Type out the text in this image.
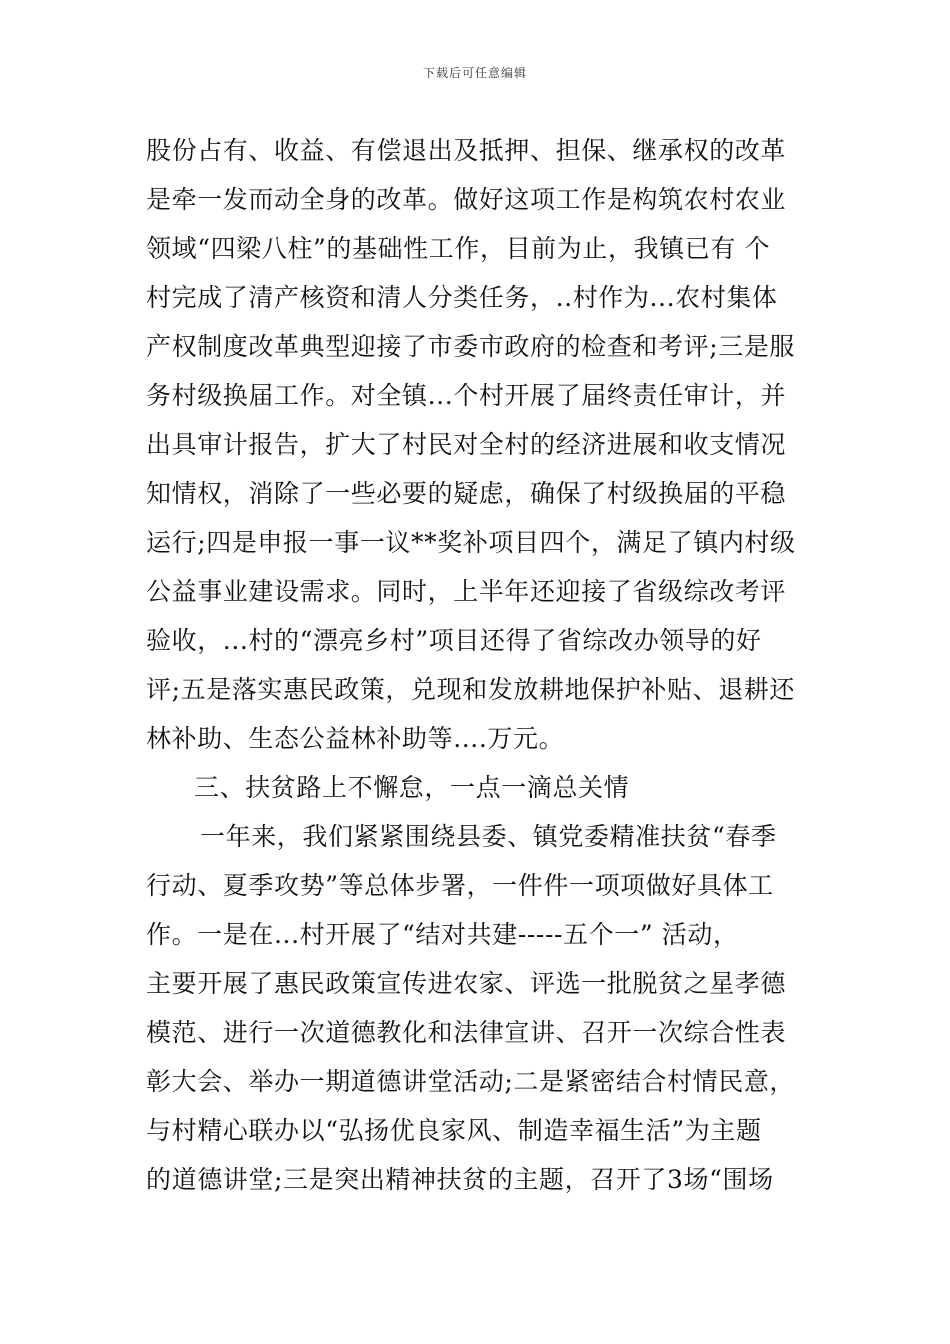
下载后可任意编辑
股份占有、收益、有偿退出及抵押、担保、继承权的改革
是牵一发而动全身的改革。做好这项工作是构筑农村农业
领域“四梁八柱”的基础性工作，目前为止，我镇已有 个
村完成了清产核资和清人分类任务，..村作为...农村集体
产权制度改革典型迎接了市委市政府的检查和考评;三是服
务村级换届工作。对全镇...个村开展了届终责任审计，并
出具审计报告，扩大了村民对全村的经济进展和收支情况
知情权，消除了一些必要的疑虑，确保了村级换届的平稳
运行;四是申报一事一议**奖补项目四个，满足了镇内村级
公益事业建设需求。同时，上半年还迎接了省级综改考评
验收，...村的“漂亮乡村”项目还得了省综改办领导的好
评;五是落实惠民政策，兑现和发放耕地保护补贴、退耕还
林补助、生态公益林补助等....万元。
三、扶贫路上不懈怠，一点一滴总关情
一年来，我们紧紧围绕县委、镇党委精准扶贫“春季
行动、夏季攻势”等总体步署，一件件一项项做好具体工
作。一是在...村开展了“结对共建-----五个一” 活动，
主要开展了惠民政策宣传进农家、评选一批脱贫之星孝德
模范、进行一次道德教化和法律宣讲、召开一次综合性表
彰大会、举办一期道德讲堂活动;二是紧密结合村情民意，
与村精心联办以“弘扬优良家风、制造幸福生活”为主题
的道德讲堂;三是突出精神扶贫的主题，召开了3场“围场
